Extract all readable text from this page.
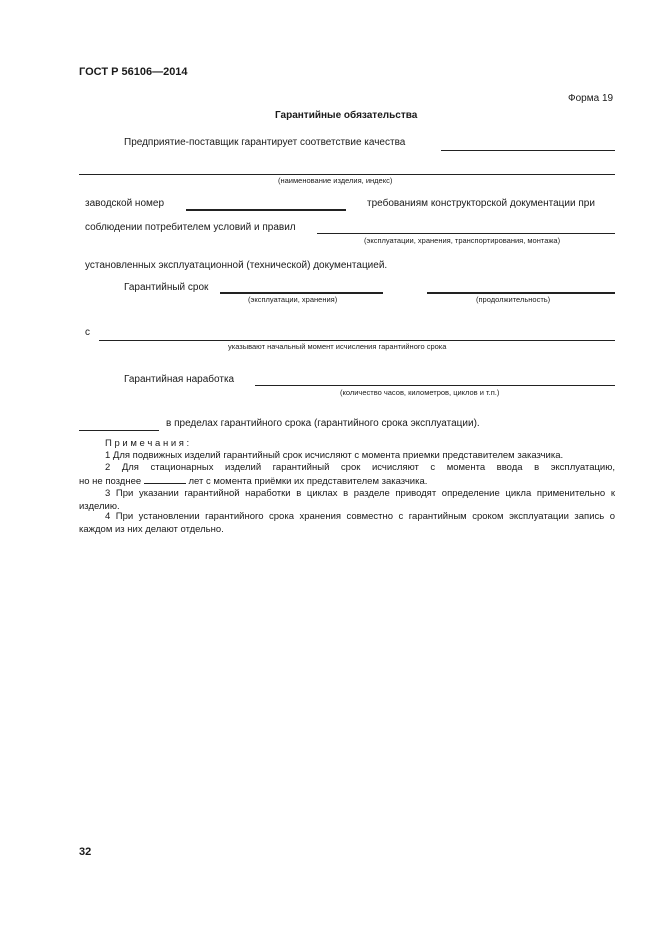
ГОСТ Р 56106—2014
Форма 19
Гарантийные обязательства
Предприятие-поставщик гарантирует соответствие качества
(наименование изделия, индекс)
заводской номер	требованиям конструкторской документации при
соблюдении потребителем условий и правил
(эксплуатации, хранения, транспортирования, монтажа)
установленных эксплуатационной (технической) документацией.
Гарантийный срок
(эксплуатации, хранения)	(продолжительность)
с
указывают начальный момент исчисления гарантийного срока
Гарантийная наработка
(количество часов, километров, циклов и т.п.)
в пределах гарантийного срока (гарантийного срока эксплуатации).
П р и м е ч а н и я :
1 Для подвижных изделий гарантийный срок исчисляют с момента приемки представителем заказчика.
2 Для стационарных изделий гарантийный срок исчисляют с момента ввода в эксплуатацию,
но не позднее	лет с момента приёмки их представителем заказчика.
3 При указании гарантийной наработки в циклах в разделе приводят определение цикла применительно к изделию.
4 При установлении гарантийного срока хранения совместно с гарантийным сроком эксплуатации запись о каждом из них делают отдельно.
32
